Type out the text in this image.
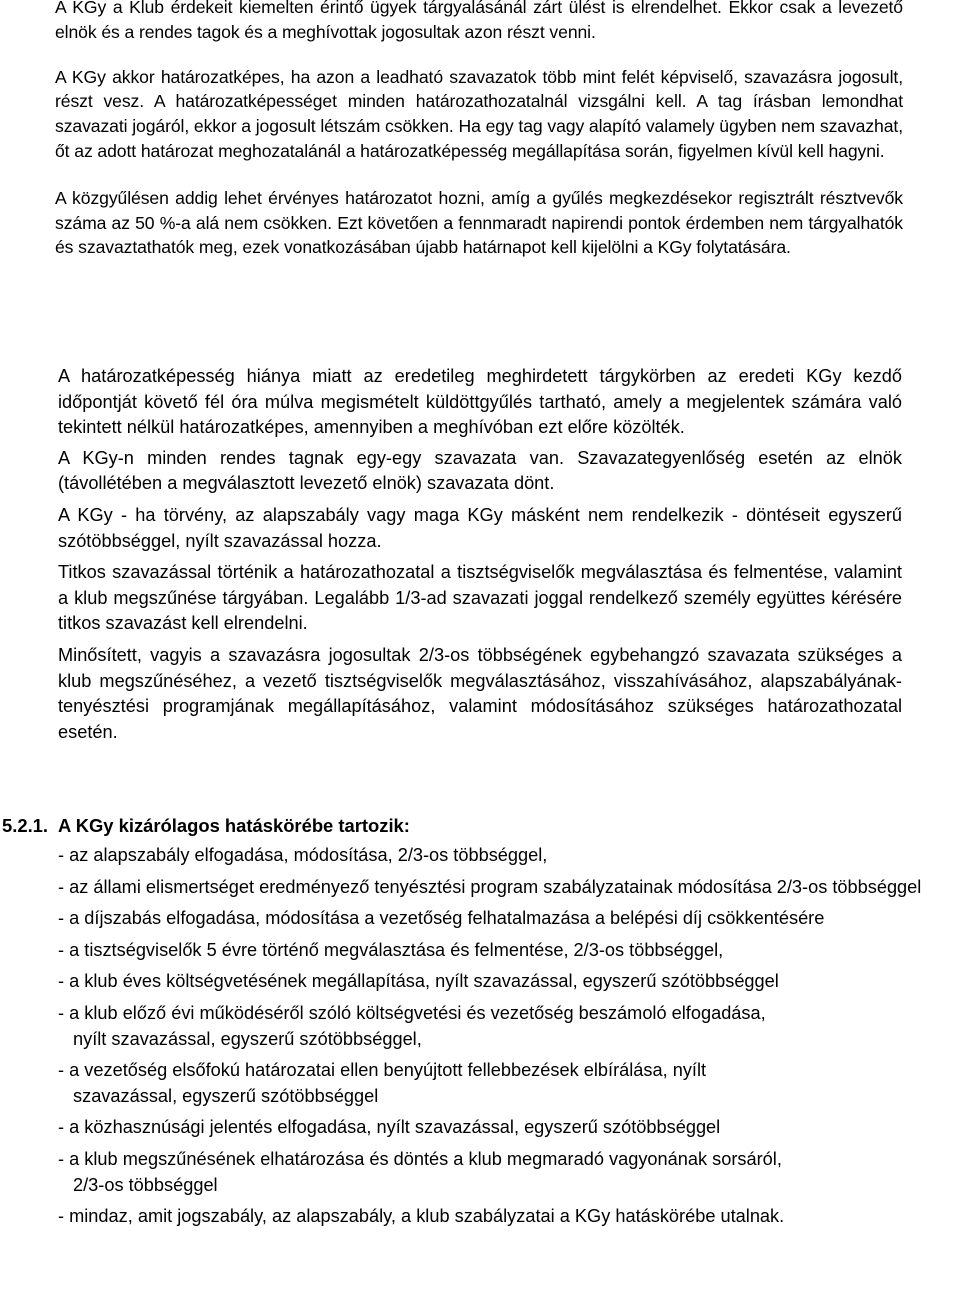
A KGy a Klub érdekeit kiemelten érintő ügyek tárgyalásánál zárt ülést is elrendelhet. Ekkor csak a levezető elnök és a rendes tagok és a meghívottak jogosultak azon részt venni.

A KGy akkor határozatképes, ha azon a leadható szavazatok több mint felét képviselő, szavazásra jogosult, részt vesz. A határozatképességet minden határozathozatalnál vizsgálni kell. A tag írásban lemondhat szavazati jogáról, ekkor a jogosult létszám csökken. Ha egy tag vagy alapító valamely ügyben nem szavazhat, őt az adott határozat meghozatalánál a határozatképesség megállapítása során, figyelmen kívül kell hagyni.

A közgyűlésen addig lehet érvényes határozatot hozni, amíg a gyűlés megkezdésekor regisztrált résztvevők száma az 50 %-a alá nem csökken. Ezt követően a fennmaradt napirendi pontok érdemben nem tárgyalhatók és szavaztathatók meg, ezek vonatkozásában újabb határnapot kell kijelölni a KGy folytatására.

A határozatképesség hiánya miatt az eredetileg meghirdetett tárgykörben az eredeti KGy kezdő időpontját követő fél óra múlva megismételt küldöttgyűlés tartható, amely a megjelentek számára való tekintett nélkül határozatképes, amennyiben a meghívóban ezt előre közölték.

A KGy-n minden rendes tagnak egy-egy szavazata van. Szavazategyenlőség esetén az elnök (távollétében a megválasztott levezető elnök) szavazata dönt.

A KGy - ha törvény, az alapszabály vagy maga KGy másként nem rendelkezik - döntéseit egyszerű szótöbbséggel, nyílt szavazással hozza.

Titkos szavazással történik a határozathozatal a tisztségviselők megválasztása és felmentése, valamint a klub megszűnése tárgyában. Legalább 1/3-ad szavazati joggal rendelkező személy együttes kérésére titkos szavazást kell elrendelni.

Minősített, vagyis a szavazásra jogosultak 2/3-os többségének egybehangzó szavazata szükséges a klub megszűnéséhez, a vezető tisztségviselők megválasztásához, visszahívásához, alapszabályának- tenyésztési programjának megállapításához, valamint módosításához szükséges határozathozatal esetén.

5.2.1. A KGy kizárólagos hatáskörébe tartozik:
- az alapszabály elfogadása, módosítása, 2/3-os többséggel,
- az állami elismertséget eredményező tenyésztési program szabályzatainak módosítása 2/3-os többséggel
- a díjszabás elfogadása, módosítása a vezetőség felhatalmazása a belépési díj csökkentésére
- a tisztségviselők 5 évre történő megválasztása és felmentése, 2/3-os többséggel,
- a klub éves költségvetésének megállapítása, nyílt szavazással, egyszerű szótöbbséggel
- a klub előző évi működéséről szóló költségvetési és vezetőség beszámoló elfogadása,
nyílt szavazással, egyszerű szótöbbséggel,
- a vezetőség elsőfokú határozatai ellen benyújtott fellebbezések elbírálása, nyílt
szavazással, egyszerű szótöbbséggel
- a közhasznúsági jelentés elfogadása, nyílt szavazással, egyszerű szótöbbséggel
- a klub megszűnésének elhatározása és döntés a klub megmaradó vagyonának sorsáról,
2/3-os többséggel
- mindaz, amit jogszabály, az alapszabály, a klub szabályzatai a KGy hatáskörébe utalnak.
